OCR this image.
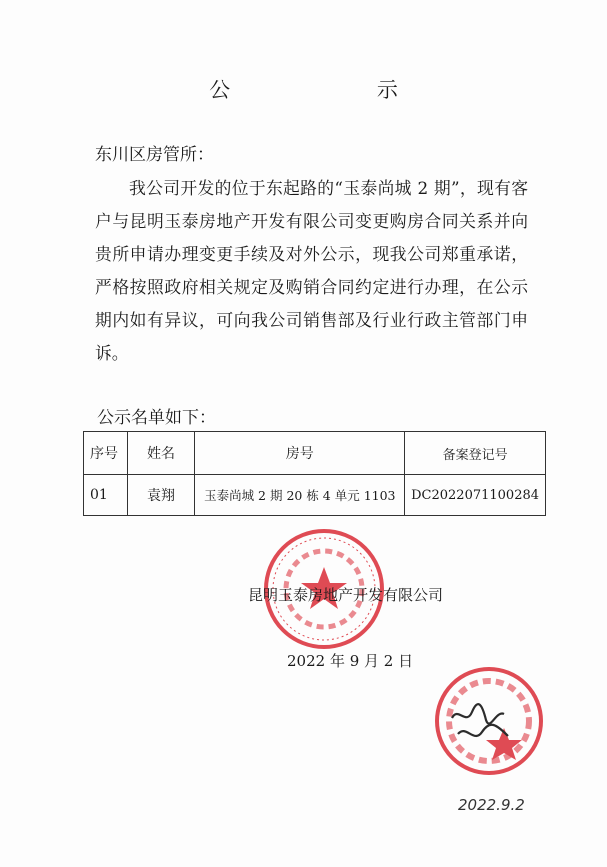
公 示
东川区房管所：
我公司开发的位于东起路的“玉泰尚城 2 期”，现有客户与昆明玉泰房地产开发有限公司变更购房合同关系并向贵所申请办理变更手续及对外公示，现我公司郑重承诺，严格按照政府相关规定及购销合同约定进行办理，在公示期内如有异议，可向我公司销售部及行业行政主管部门申诉。
公示名单如下：
序号	姓名	房号	备案登记号
01	袁翔	玉泰尚城 2 期 20 栋 4 单元 1103	DC2022071100284
昆明玉泰房地产开发有限公司
2022 年 9 月 2 日
2022.9.2
